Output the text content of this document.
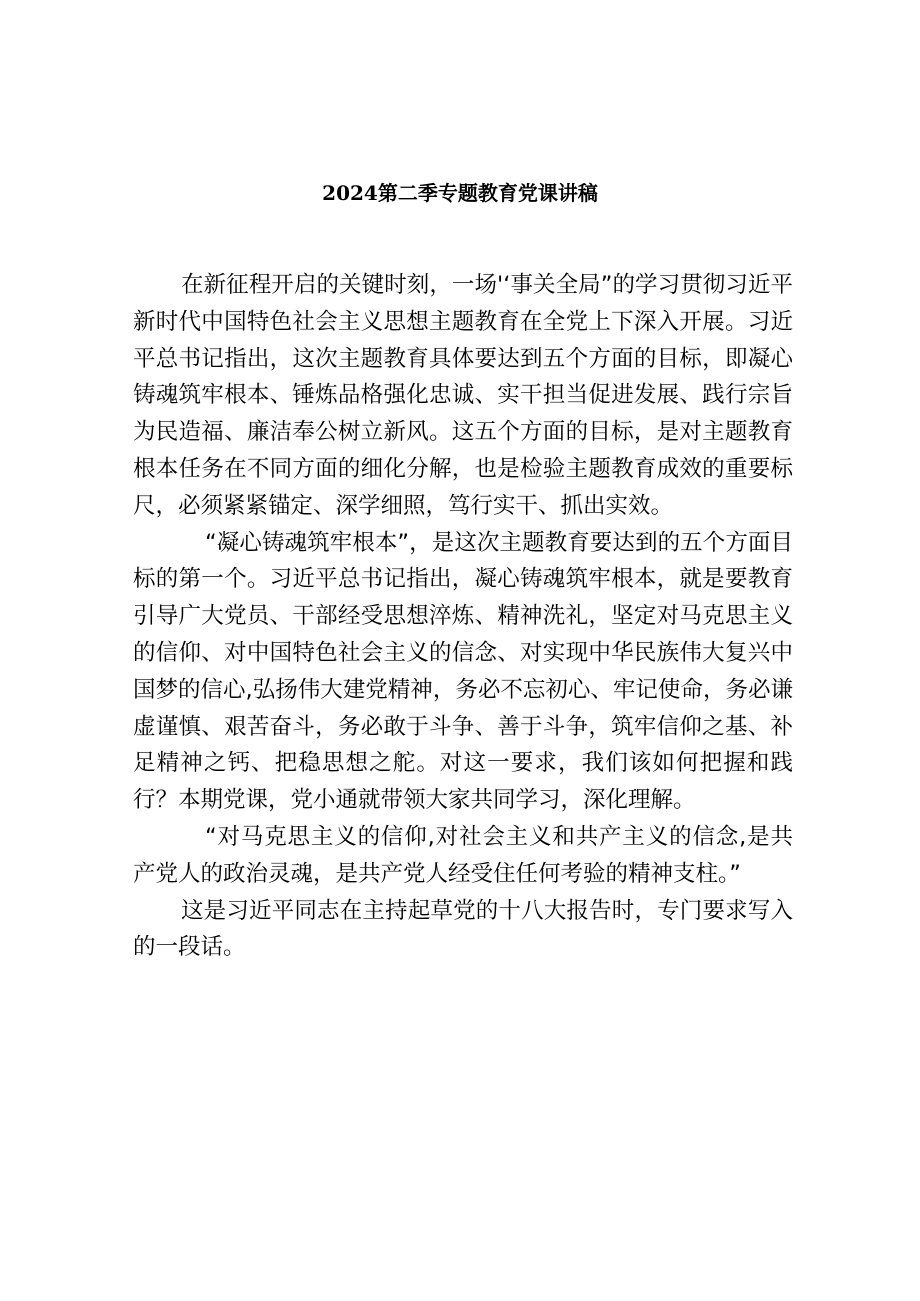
2024第二季专题教育党课讲稿

在新征程开启的关键时刻，一场'‘事关全局”的学习贯彻习近平新时代中国特色社会主义思想主题教育在全党上下深入开展。习近平总书记指出，这次主题教育具体要达到五个方面的目标，即凝心铸魂筑牢根本、锤炼品格强化忠诚、实干担当促进发展、践行宗旨为民造福、廉洁奉公树立新风。这五个方面的目标，是对主题教育根本任务在不同方面的细化分解，也是检验主题教育成效的重要标尺，必须紧紧锚定、深学细照，笃行实干、抓出实效。

“凝心铸魂筑牢根本”，是这次主题教育要达到的五个方面目标的第一个。习近平总书记指出，凝心铸魂筑牢根本，就是要教育引导广大党员、干部经受思想淬炼、精神洗礼，坚定对马克思主义的信仰、对中国特色社会主义的信念、对实现中华民族伟大复兴中国梦的信心,弘扬伟大建党精神，务必不忘初心、牢记使命，务必谦虚谨慎、艰苦奋斗，务必敢于斗争、善于斗争，筑牢信仰之基、补足精神之钙、把稳思想之舵。对这一要求，我们该如何把握和践行？本期党课，党小通就带领大家共同学习，深化理解。

“对马克思主义的信仰,对社会主义和共产主义的信念,是共产党人的政治灵魂，是共产党人经受住任何考验的精神支柱。”

这是习近平同志在主持起草党的十八大报告时，专门要求写入的一段话。
